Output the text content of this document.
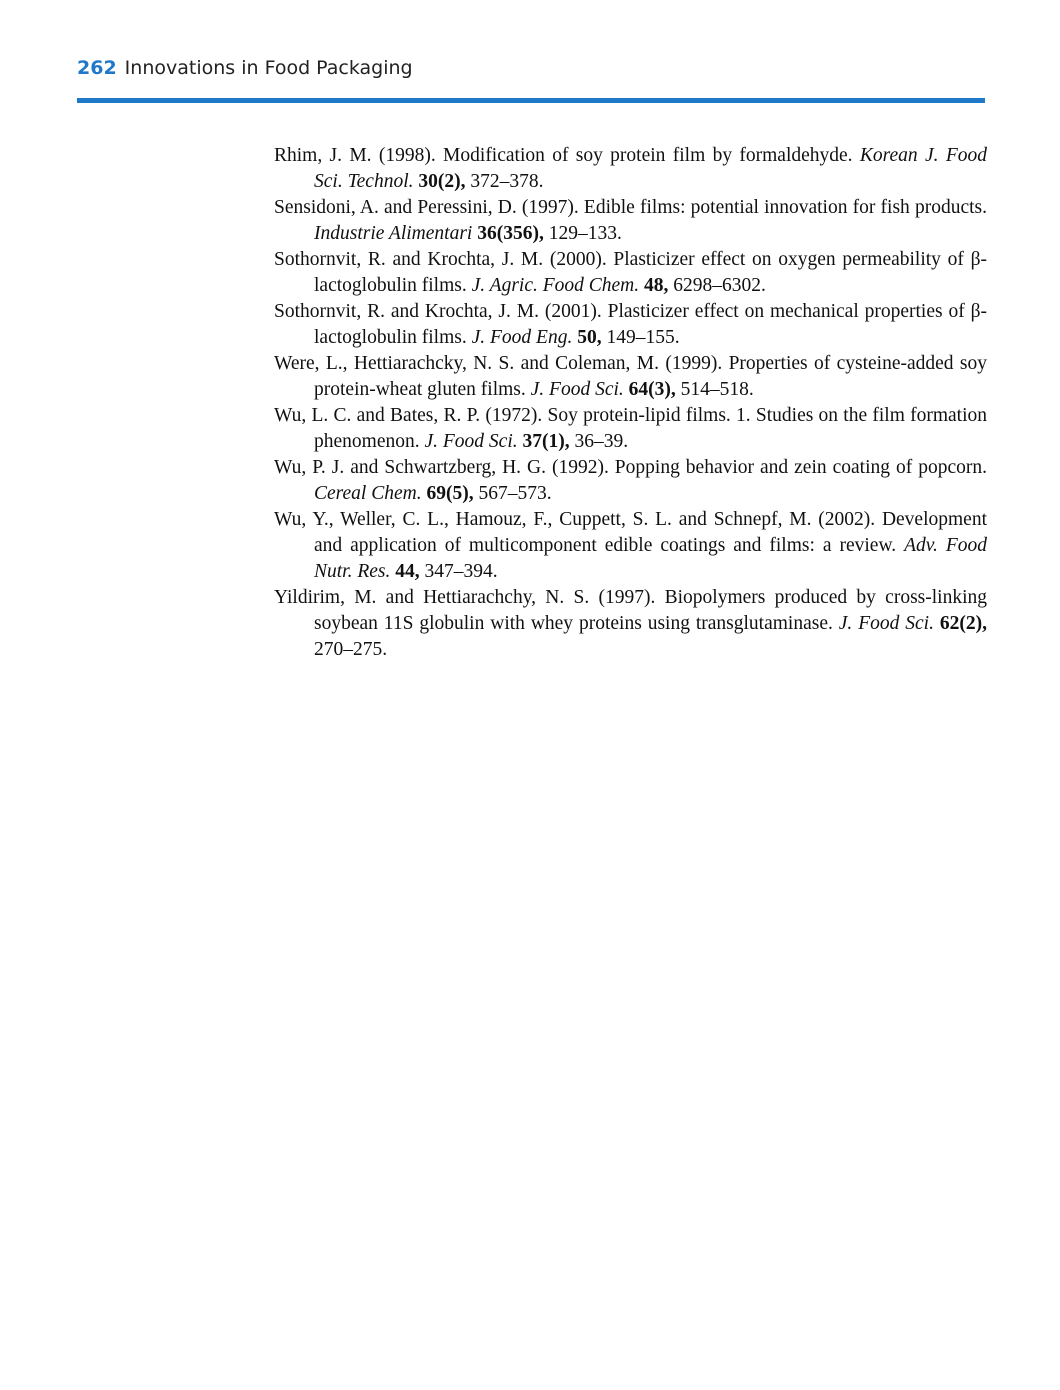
262 Innovations in Food Packaging

Rhim, J. M. (1998). Modification of soy protein film by formaldehyde. Korean J. Food Sci. Technol. 30(2), 372–378.

Sensidoni, A. and Peressini, D. (1997). Edible films: potential innovation for fish products. Industrie Alimentari 36(356), 129–133.

Sothornvit, R. and Krochta, J. M. (2000). Plasticizer effect on oxygen permeability of β-lactoglobulin films. J. Agric. Food Chem. 48, 6298–6302.

Sothornvit, R. and Krochta, J. M. (2001). Plasticizer effect on mechanical properties of β-lactoglobulin films. J. Food Eng. 50, 149–155.

Were, L., Hettiarachcky, N. S. and Coleman, M. (1999). Properties of cysteine-added soy protein-wheat gluten films. J. Food Sci. 64(3), 514–518.

Wu, L. C. and Bates, R. P. (1972). Soy protein-lipid films. 1. Studies on the film formation phenomenon. J. Food Sci. 37(1), 36–39.

Wu, P. J. and Schwartzberg, H. G. (1992). Popping behavior and zein coating of popcorn. Cereal Chem. 69(5), 567–573.

Wu, Y., Weller, C. L., Hamouz, F., Cuppett, S. L. and Schnepf, M. (2002). Development and application of multicomponent edible coatings and films: a review. Adv. Food Nutr. Res. 44, 347–394.

Yildirim, M. and Hettiarachchy, N. S. (1997). Biopolymers produced by cross-linking soybean 11S globulin with whey proteins using transglutaminase. J. Food Sci. 62(2), 270–275.
